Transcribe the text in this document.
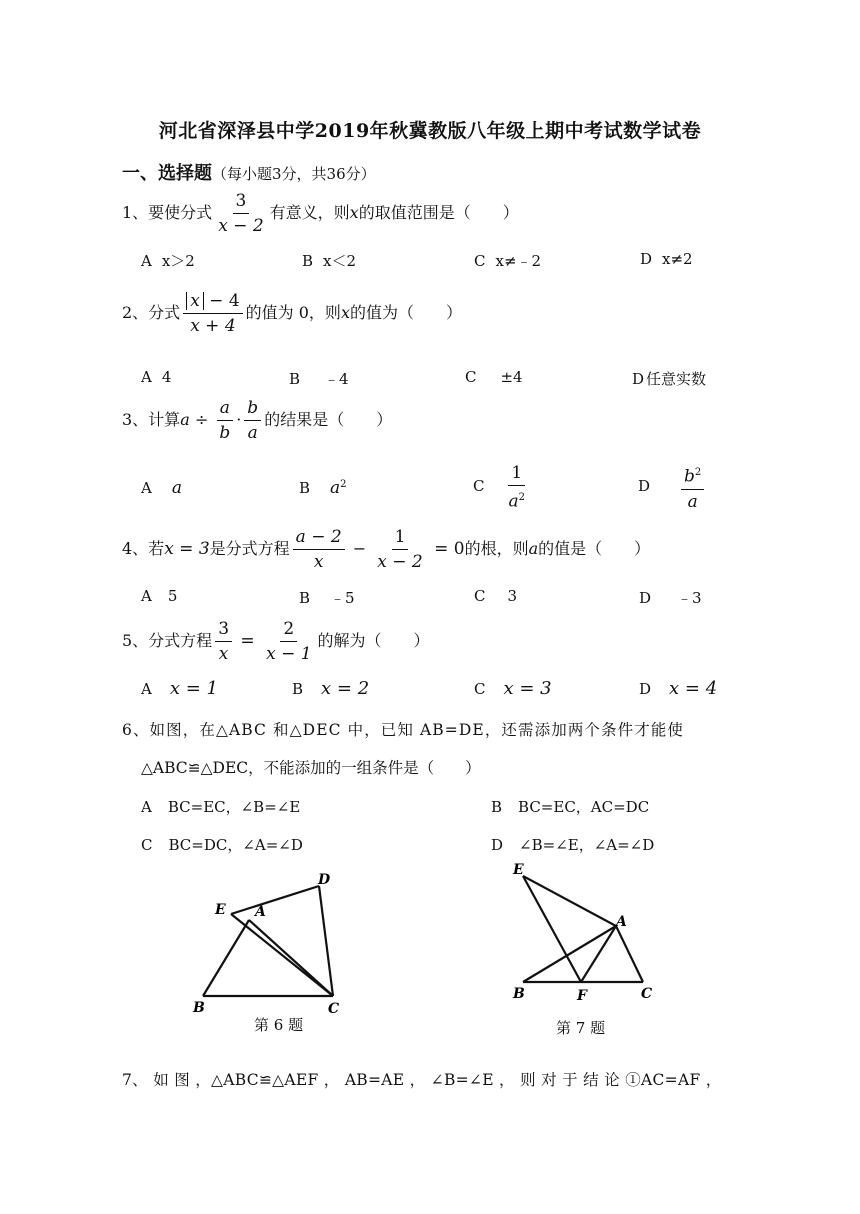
河北省深泽县中学2019年秋冀教版八年级上期中考试数学试卷
一、选择题（每小题3分，共36分）
1、要使分式 $\frac{3}{x - 2}$ 有意义，则x的取值范围是（　　）
A x＞2	B x＜2	C x≠﹣2	D x≠2
2、分式 $\frac{x - 4}{x + 4}$ 的值为 0，则x的值为（　　）
A 4	B ﹣4	C ±4	D 任意实数
3、计算$a \div \frac{a}{b} \cdot \frac{b}{a}$ 的结果是（　　）
A a	B $a^2$	C $\frac{1}{a^2}$	D $\frac{b^2}{a}$
4、若x = 3是分式方程 $\frac{a - 2}{x} - \frac{1}{x - 2} = 0$的根，则a的值是（　　）
A 5	B ﹣5	C 3	D ﹣3
5、分式方程 $\frac{3}{x} = \frac{2}{x - 1}$ 的解为（　　）
A x = 1	B x = 2	C x = 3	D x = 4
6、如图，在△ABC 和△DEC 中，已知 AB=DE，还需添加两个条件才能使
△ABC≌△DEC，不能添加的一组条件是（　　）
A BC=EC，∠B=∠E	B BC=EC，AC=DC
C BC=DC，∠A=∠D	D ∠B=∠E，∠A=∠D
D
E A
B	C
第 6 题
E
A
B	F	C
第 7 题
7、 如 图 ，△ABC≌△AEF ， AB=AE ， ∠B=∠E ， 则 对 于 结 论 ①AC=AF ，
